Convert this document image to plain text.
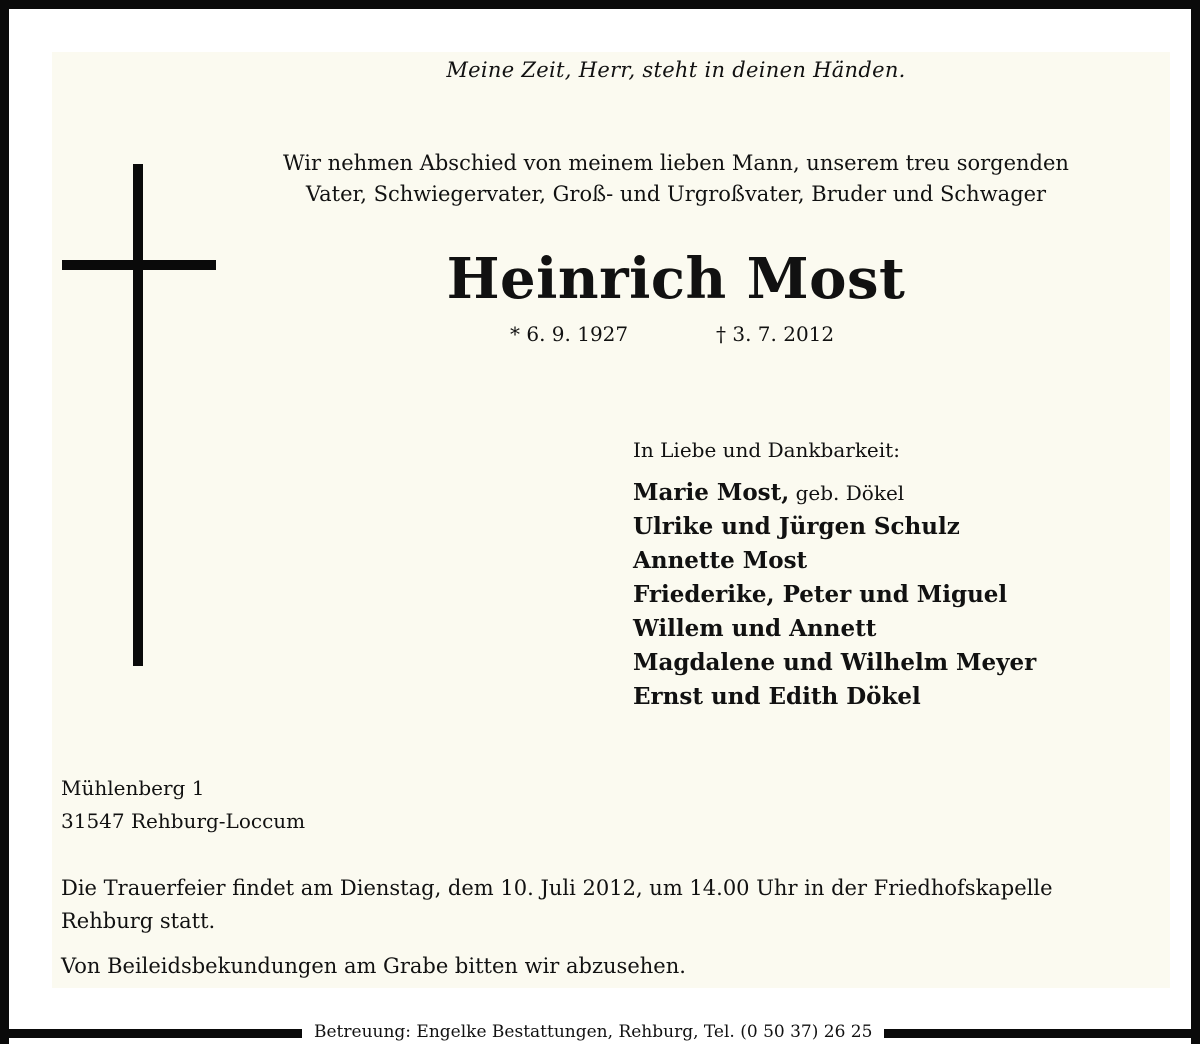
Meine Zeit, Herr, steht in deinen Händen.
Wir nehmen Abschied von meinem lieben Mann, unserem treu sorgenden
Vater, Schwiegervater, Groß- und Urgroßvater, Bruder und Schwager
Heinrich Most
* 6. 9. 1927	† 3. 7. 2012
In Liebe und Dankbarkeit:
Marie Most, geb. Dökel
Ulrike und Jürgen Schulz
Annette Most
Friederike, Peter und Miguel
Willem und Annett
Magdalene und Wilhelm Meyer
Ernst und Edith Dökel
Mühlenberg 1
31547 Rehburg-Loccum
Die Trauerfeier findet am Dienstag, dem 10. Juli 2012, um 14.00 Uhr in der Friedhofskapelle Rehburg statt.
Von Beileidsbekundungen am Grabe bitten wir abzusehen.
Betreuung: Engelke Bestattungen, Rehburg, Tel. (0 50 37) 26 25
